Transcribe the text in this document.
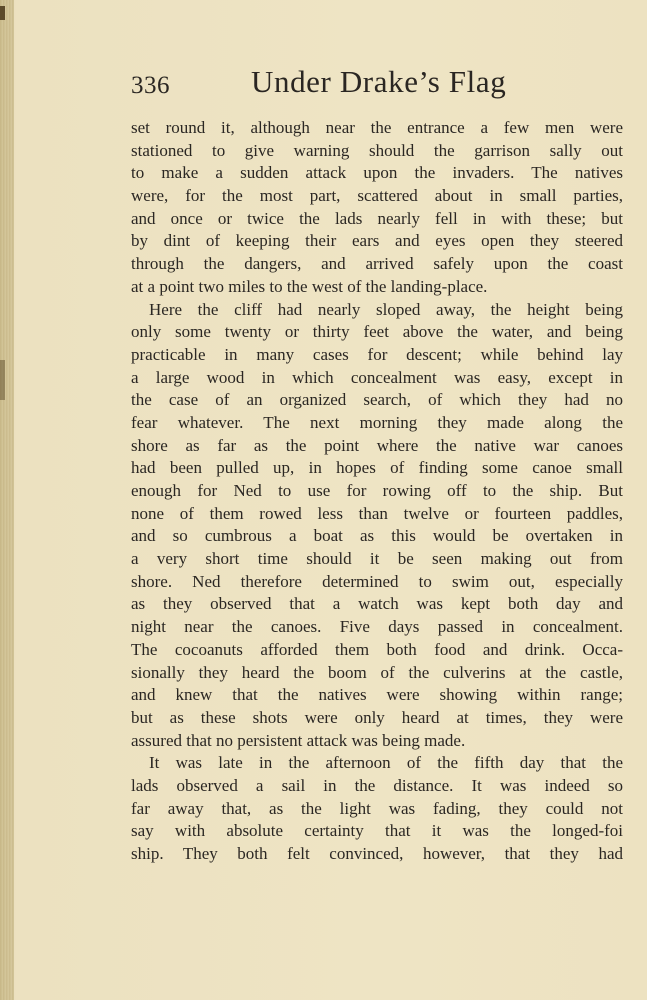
336	Under Drake’s Flag
set round it, although near the entrance a few men were
stationed to give warning should the garrison sally out
to make a sudden attack upon the invaders. The natives
were, for the most part, scattered about in small parties,
and once or twice the lads nearly fell in with these; but
by dint of keeping their ears and eyes open they steered
through the dangers, and arrived safely upon the coast
at a point two miles to the west of the landing-place.
Here the cliff had nearly sloped away, the height being
only some twenty or thirty feet above the water, and being
practicable in many cases for descent; while behind lay
a large wood in which concealment was easy, except in
the case of an organized search, of which they had no
fear whatever. The next morning they made along the
shore as far as the point where the native war canoes
had been pulled up, in hopes of finding some canoe small
enough for Ned to use for rowing off to the ship. But
none of them rowed less than twelve or fourteen paddles,
and so cumbrous a boat as this would be overtaken in
a very short time should it be seen making out from
shore. Ned therefore determined to swim out, especially
as they observed that a watch was kept both day and
night near the canoes. Five days passed in concealment.
The cocoanuts afforded them both food and drink. Occa-
sionally they heard the boom of the culverins at the castle,
and knew that the natives were showing within range;
but as these shots were only heard at times, they were
assured that no persistent attack was being made.
It was late in the afternoon of the fifth day that the
lads observed a sail in the distance. It was indeed so
far away that, as the light was fading, they could not
say with absolute certainty that it was the longed-foi
ship. They both felt convinced, however, that they had
